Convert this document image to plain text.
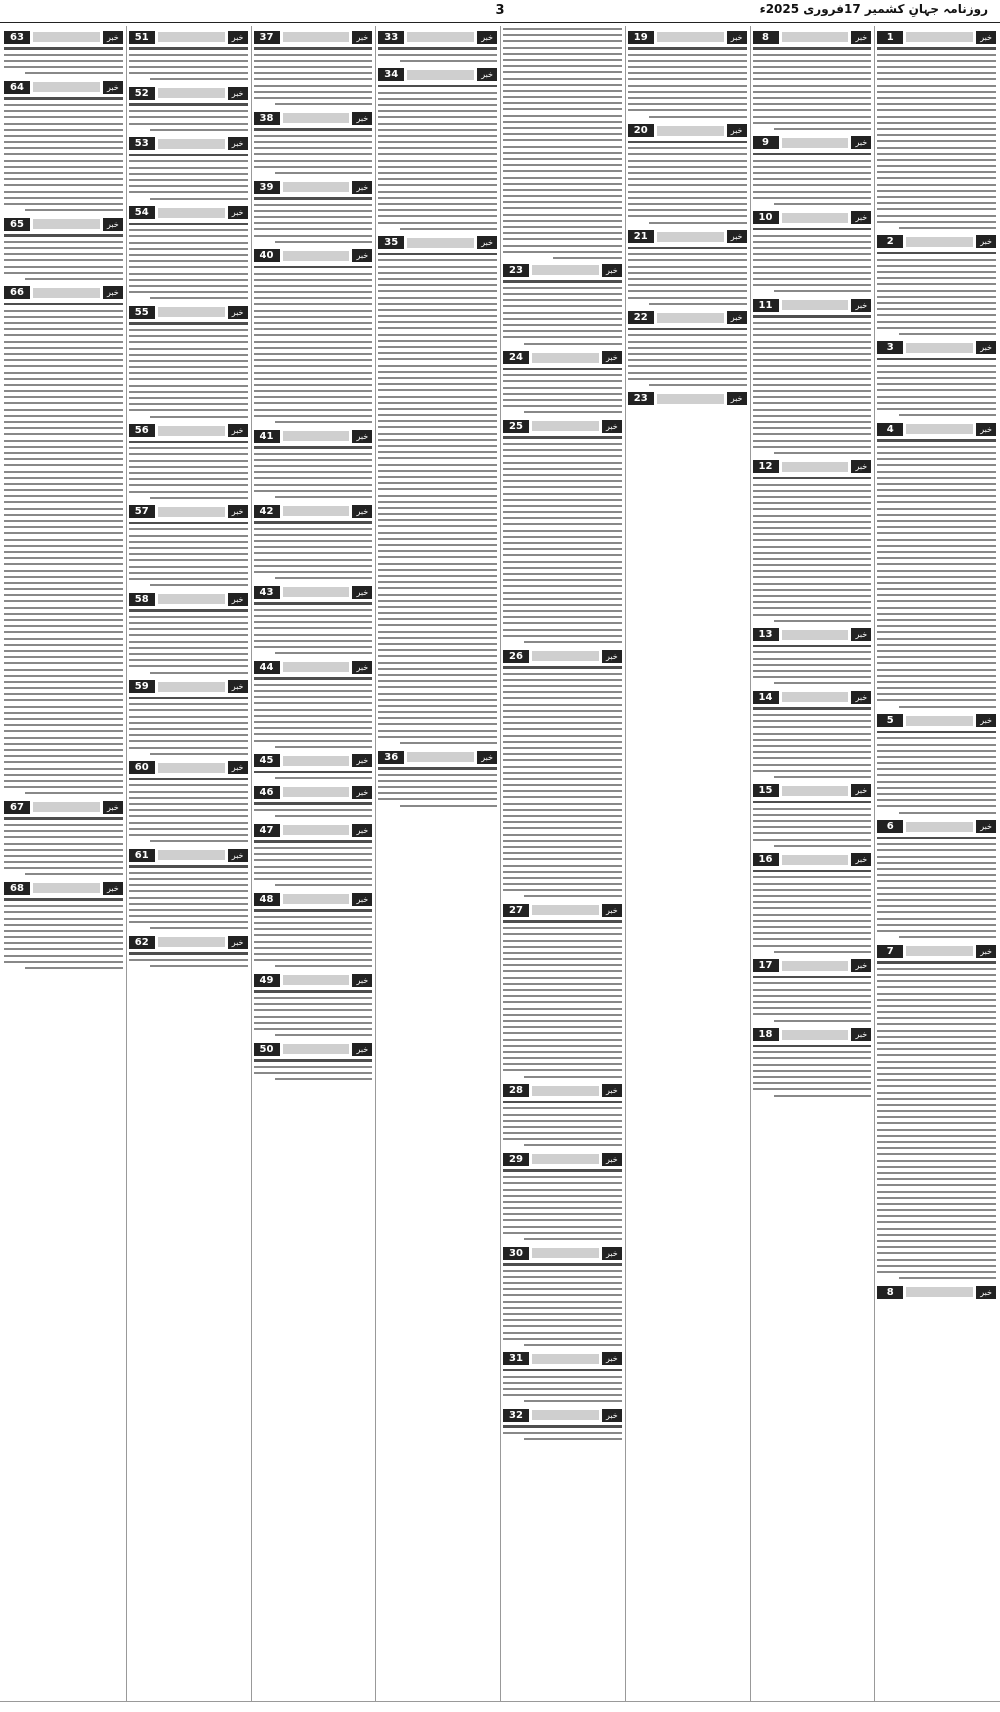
3	روزنامہ جہانِ کشمیر 17فروری 2025ء
1	خبر
2	خبر
3	خبر
4	خبر
5	خبر
6	خبر
7	خبر
8	خبر
8	خبر
9	خبر
10	خبر
11	خبر
12	خبر
13	خبر
14	خبر
15	خبر
16	خبر
17	خبر
18	خبر
19	خبر
20	خبر
21	خبر
22	خبر
23	خبر
23	خبر
24	خبر
25	خبر
26	خبر
27	خبر
28	خبر
29	خبر
30	خبر
31	خبر
32	خبر
33	خبر
34	خبر
35	خبر
36	خبر
37	خبر
38	خبر
39	خبر
40	خبر
41	خبر
42	خبر
43	خبر
44	خبر
45	خبر
46	خبر
47	خبر
48	خبر
49	خبر
50	خبر
51	خبر
52	خبر
53	خبر
54	خبر
55	خبر
56	خبر
57	خبر
58	خبر
59	خبر
60	خبر
61	خبر
62	خبر
63	خبر
64	خبر
65	خبر
66	خبر
67	خبر
68	خبر
